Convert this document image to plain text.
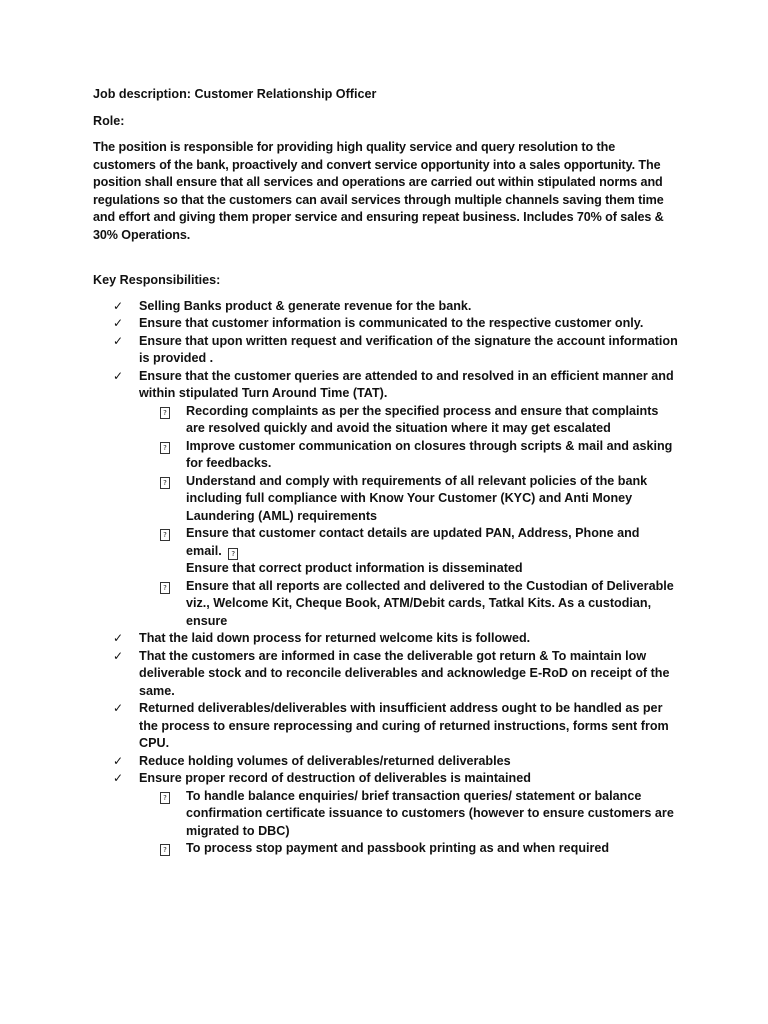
Job description: Customer Relationship Officer

Role:

The position is responsible for providing high quality service and query resolution to the customers of the bank, proactively and convert service opportunity into a sales opportunity. The position shall ensure that all services and operations are carried out within stipulated norms and regulations so that the customers can avail services through multiple channels saving them time and effort and giving them proper service and ensuring repeat business. Includes 70% of sales & 30% Operations.

Key Responsibilities:

✓ Selling Banks product & generate revenue for the bank.
✓ Ensure that customer information is communicated to the respective customer only.
✓ Ensure that upon written request and verification of the signature the account information is provided .
✓ Ensure that the customer queries are attended to and resolved in an efficient manner and within stipulated Turn Around Time (TAT).
? Recording complaints as per the specified process and ensure that complaints are resolved quickly and avoid the situation where it may get escalated
? Improve customer communication on closures through scripts & mail and asking for feedbacks.
? Understand and comply with requirements of all relevant policies of the bank including full compliance with Know Your Customer (KYC) and Anti Money Laundering (AML) requirements
? Ensure that customer contact details are updated PAN, Address, Phone and email. ?
Ensure that correct product information is disseminated
? Ensure that all reports are collected and delivered to the Custodian of Deliverable viz., Welcome Kit, Cheque Book, ATM/Debit cards, Tatkal Kits. As a custodian, ensure
✓ That the laid down process for returned welcome kits is followed.
✓ That the customers are informed in case the deliverable got return & To maintain low deliverable stock and to reconcile deliverables and acknowledge E-RoD on receipt of the same.
✓ Returned deliverables/deliverables with insufficient address ought to be handled as per the process to ensure reprocessing and curing of returned instructions, forms sent from CPU.
✓ Reduce holding volumes of deliverables/returned deliverables
✓ Ensure proper record of destruction of deliverables is maintained
? To handle balance enquiries/ brief transaction queries/ statement or balance confirmation certificate issuance to customers (however to ensure customers are migrated to DBC)
? To process stop payment and passbook printing as and when required
